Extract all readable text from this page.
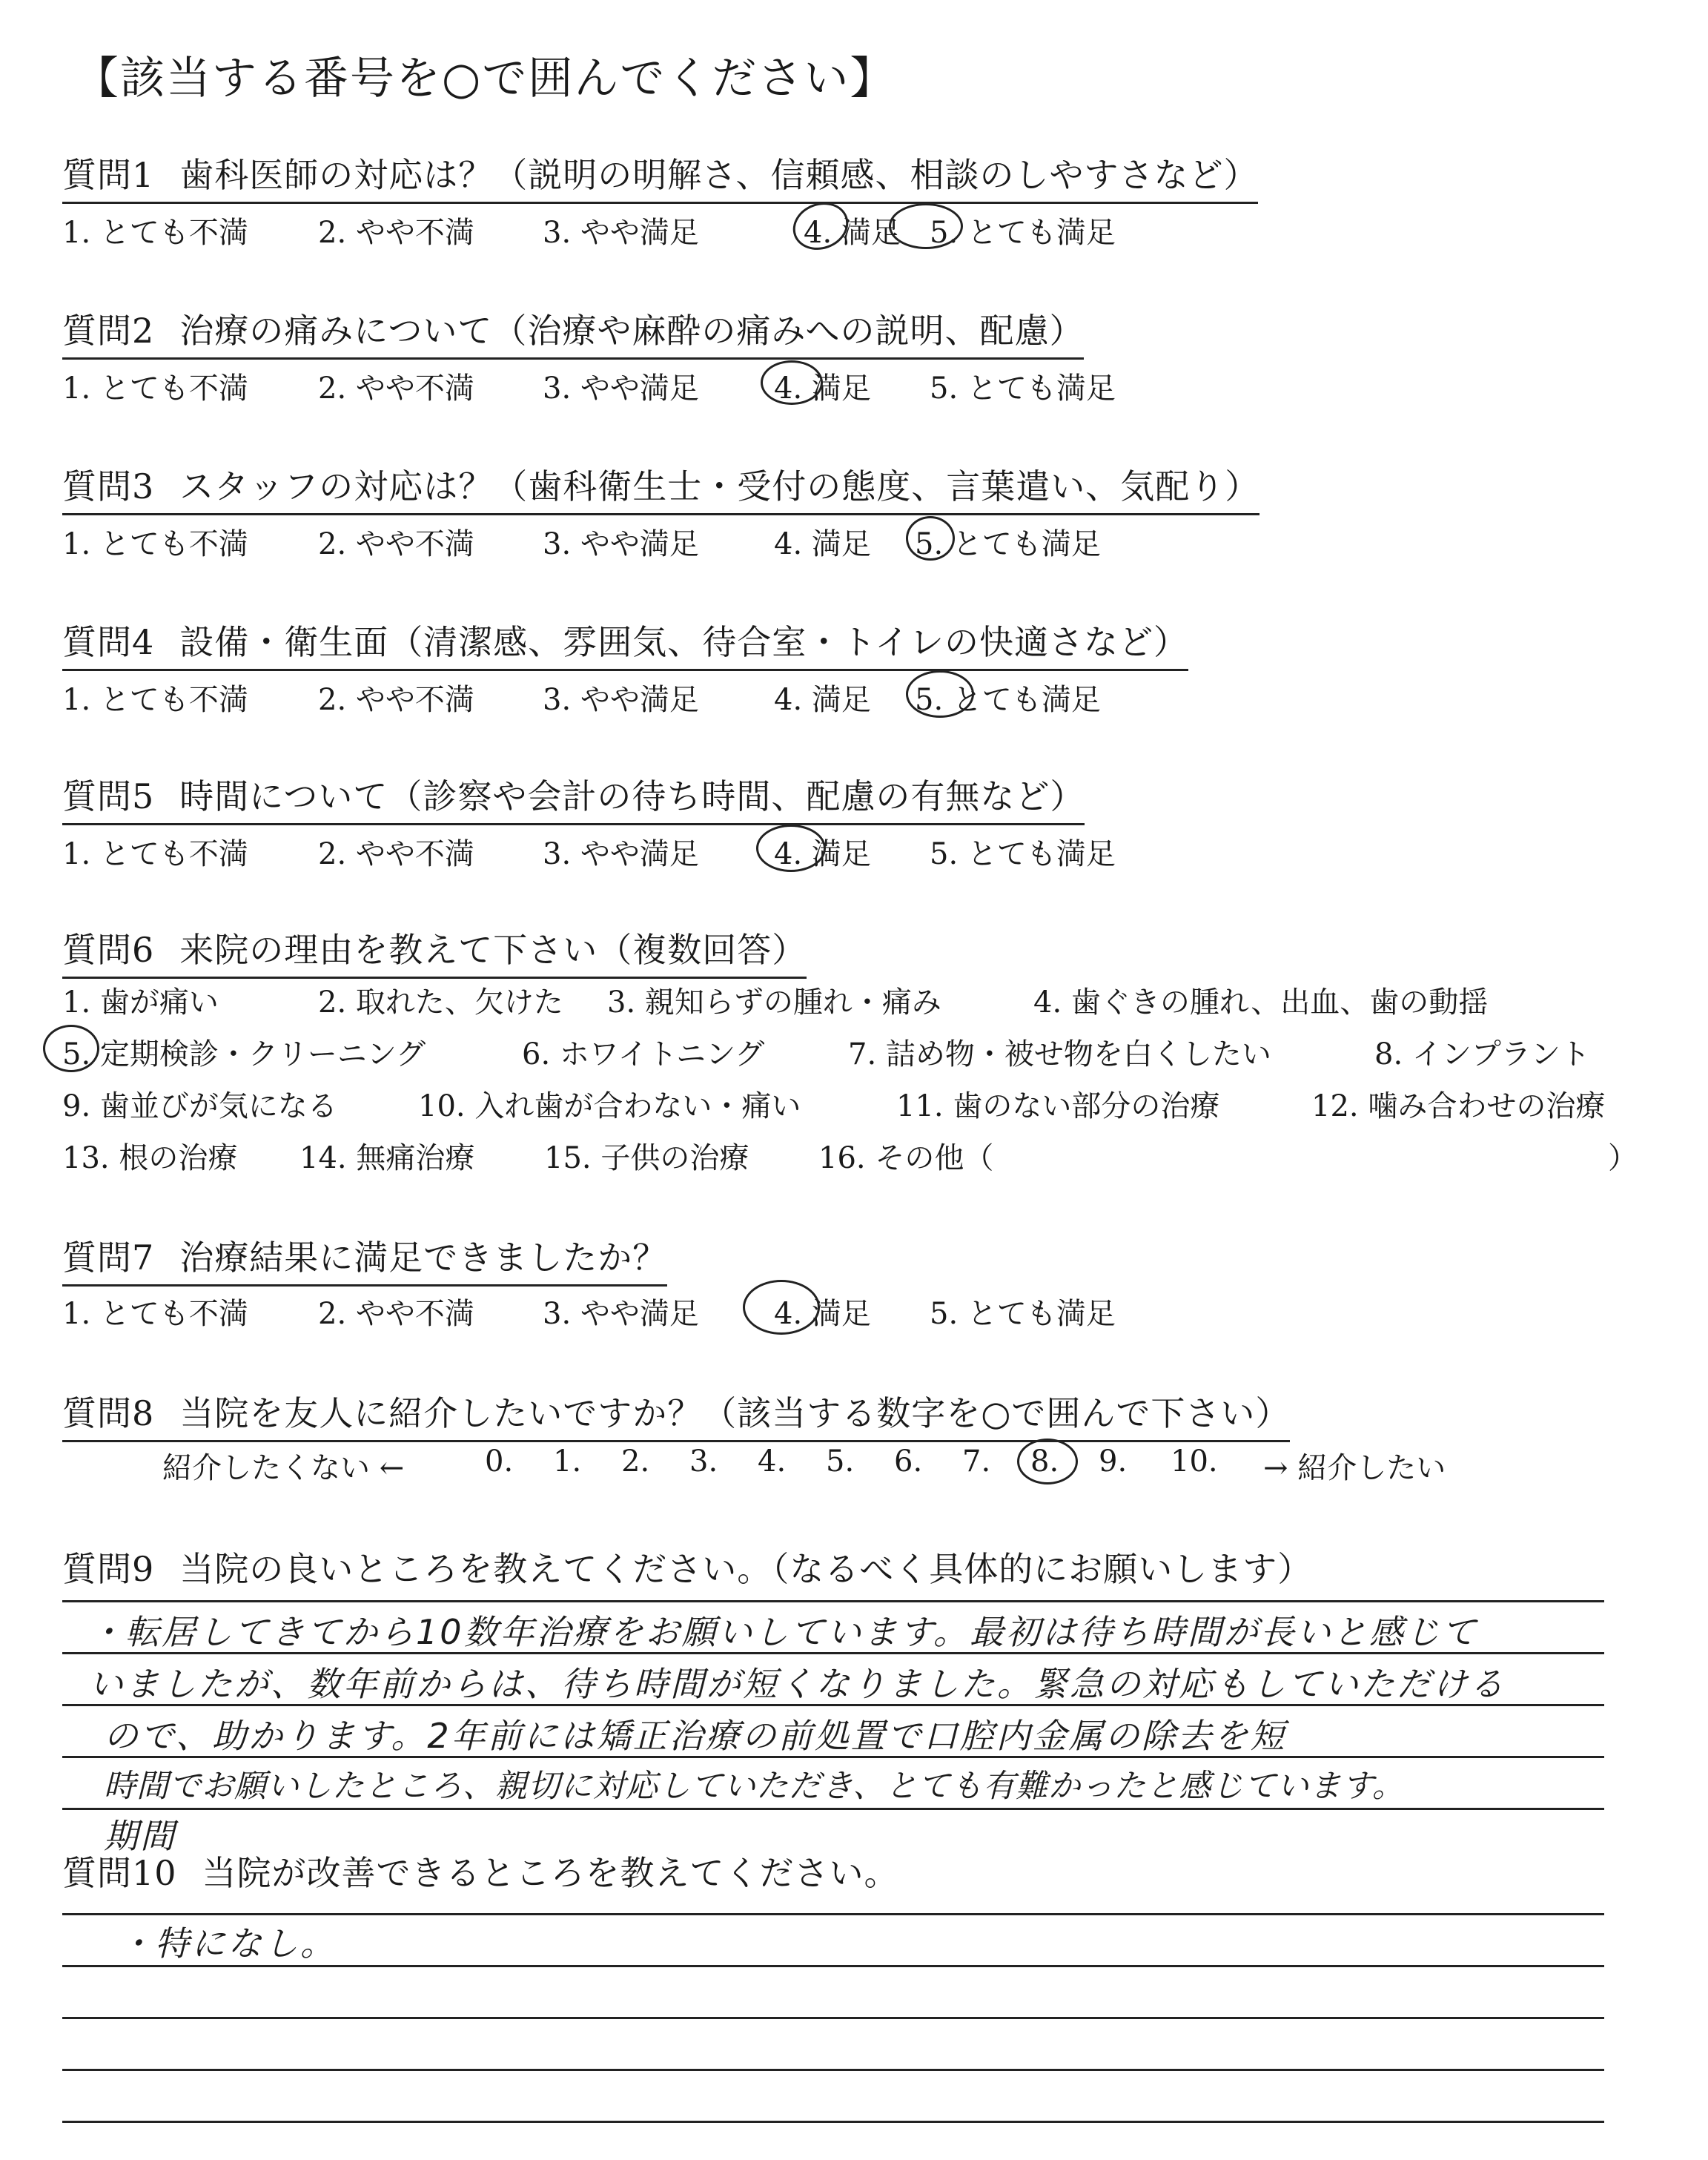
【該当する番号を○で囲んでください】
質問1 歯科医師の対応は？（説明の明解さ、信頼感、相談のしやすさなど）
1. とても不満 2. やや不満 3. やや満足	4. 満足 5. とても満足
質問2 治療の痛みについて（治療や麻酔の痛みへの説明、配慮）
1. とても不満 2. やや不満 3. やや満足	4. 満足 5. とても満足
質問3 スタッフの対応は？（歯科衛生士・受付の態度、言葉遣い、気配り）
1. とても不満 2. やや不満 3. やや満足	4. 満足 5. とても満足
質問4 設備・衛生面（清潔感、雰囲気、待合室・トイレの快適さなど）
1. とても不満 2. やや不満 3. やや満足	4. 満足 5. とても満足
質問5 時間について（診察や会計の待ち時間、配慮の有無など）
1. とても不満 2. やや不満 3. やや満足	4. 満足 5. とても満足
質問6 来院の理由を教えて下さい（複数回答）
1. 歯が痛い	2. 取れた、欠けた 3. 親知らずの腫れ・痛み	4. 歯ぐきの腫れ、出血、歯の動揺
5. 定期検診・クリーニング	6. ホワイトニング	7. 詰め物・被せ物を白くしたい	8. インプラント
9. 歯並びが気になる	10. 入れ歯が合わない・痛い	11. 歯のない部分の治療	12. 噛み合わせの治療
13. 根の治療 14. 無痛治療 15. 子供の治療 16. その他（	）
質問7 治療結果に満足できましたか？
1. とても不満 2. やや不満 3. やや満足	4. 満足 5. とても満足
質問8 当院を友人に紹介したいですか？（該当する数字を○で囲んで下さい）
紹介したくない ←	0. 1. 2. 3. 4. 5. 6. 7. 8. 9. 10. → 紹介したい
質問9 当院の良いところを教えてください。（なるべく具体的にお願いします）
・転居してきてから10数年治療をお願いしています。最初は待ち時間が長いと感じて
いましたが、数年前からは、待ち時間が短くなりました。緊急の対応もしていただける
ので、助かります。2年前には矯正治療の前処置で口腔内金属の除去を短
時間でお願いしたところ、親切に対応していただき、とても有難かったと感じています。
期間
質問10 当院が改善できるところを教えてください。
・特になし。
